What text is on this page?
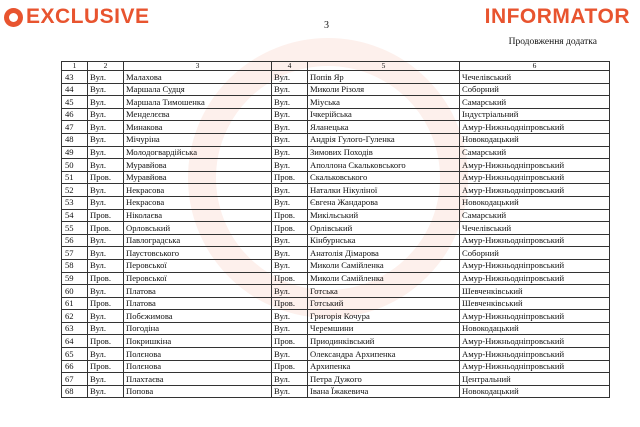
EXCLUSIVE	INFORMATOR
3
Продовження додатка
1	2	3	4	5	6
43	Вул.	Малахова	Вул.	Попів Яр	Чечелівський
44	Вул.	Маршала Судця	Вул.	Миколи Різоля	Соборний
45	Вул.	Маршала Тимошенка	Вул.	Міуська	Самарський
46	Вул.	Менделєєва	Вул.	Ічкерійська	Індустріальний
47	Вул.	Минакова	Вул.	Яланецька	Амур-Нижньодніпровський
48	Вул.	Мічуріна	Вул.	Андрія Гулого-Гуленка	Новокодацький
49	Вул.	Молодогвардійська	Вул.	Зимових Походів	Самарський
50	Вул.	Муравйова	Вул.	Аполлона Скальковського	Амур-Нижньодніпровський
51	Пров.	Муравйова	Пров.	Скальковського	Амур-Нижньодніпровський
52	Вул.	Некрасова	Вул.	Наталки Нікуліної	Амур-Нижньодніпровський
53	Вул.	Некрасова	Вул.	Євгена Жандарова	Новокодацький
54	Пров.	Ніколаєва	Пров.	Микільський	Самарський
55	Пров.	Орловський	Пров.	Орлівський	Чечелівський
56	Вул.	Павлоградська	Вул.	Кінбурнська	Амур-Нижньодніпровський
57	Вул.	Паустовського	Вул.	Анатолія Дімарова	Соборний
58	Вул.	Перовської	Вул.	Миколи Самійленка	Амур-Нижньодніпровський
59	Пров.	Перовської	Пров.	Миколи Самійленка	Амур-Нижньодніпровський
60	Вул.	Платова	Вул.	Готська	Шевченківський
61	Пров.	Платова	Пров.	Готський	Шевченківський
62	Вул.	Побєжимова	Вул.	Григорія Кочура	Амур-Нижньодніпровський
63	Вул.	Погодіна	Вул.	Черемшини	Новокодацький
64	Пров.	Покришкіна	Пров.	Приодинківський	Амур-Нижньодніпровський
65	Вул.	Полєнова	Вул.	Олександра Архипенка	Амур-Нижньодніпровський
66	Пров.	Полєнова	Пров.	Архипенка	Амур-Нижньодніпровський
67	Вул.	Плахтаєва	Вул.	Петра Дужого	Центральний
68	Вул.	Попова	Вул.	Івана Їжакевича	Новокодацький
